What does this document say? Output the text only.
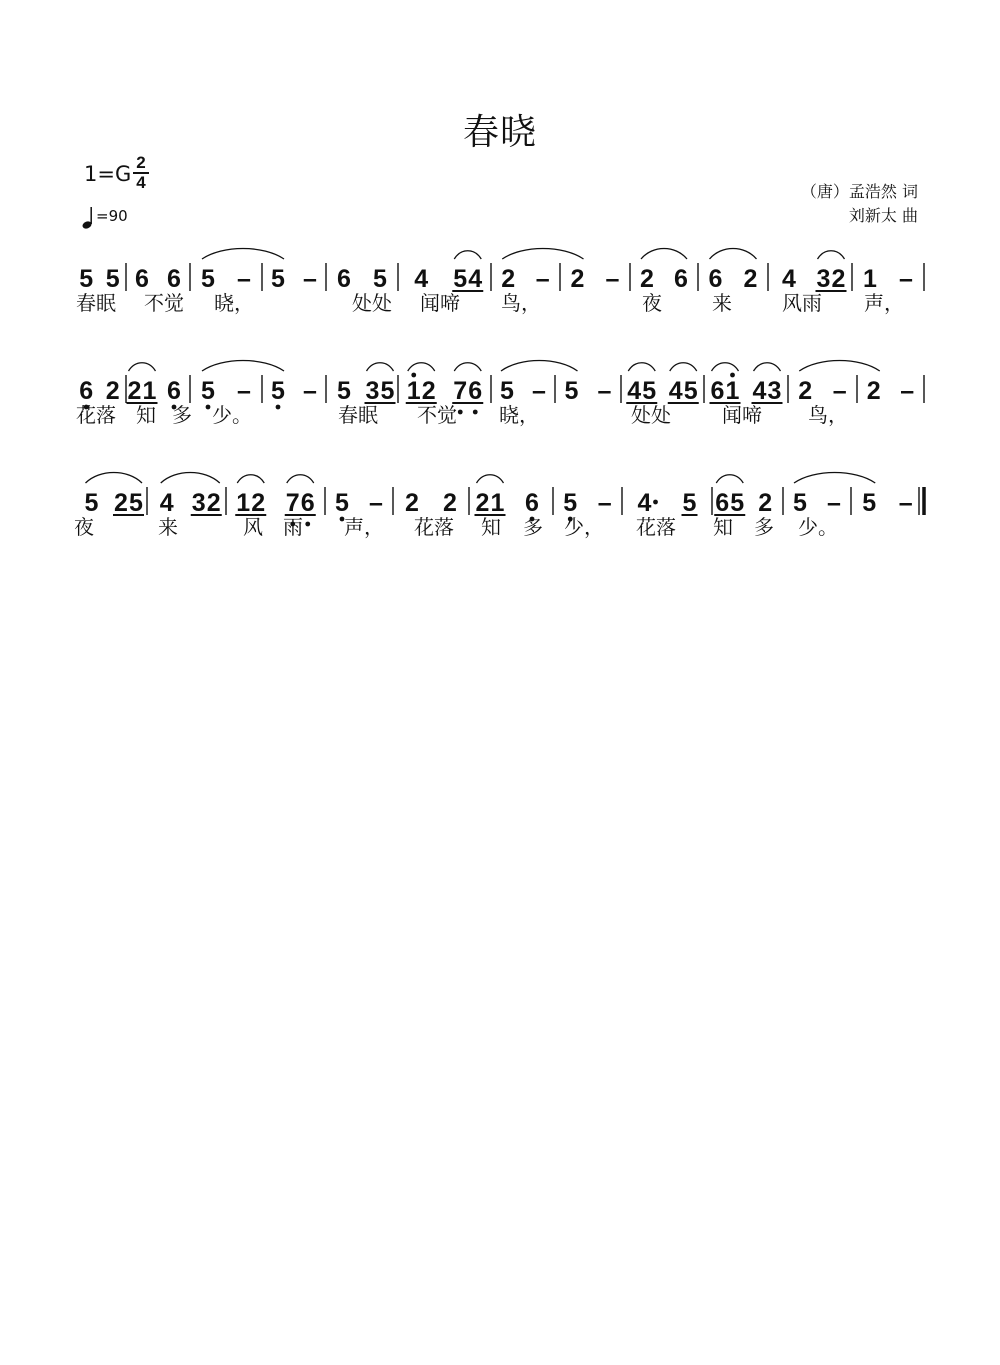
春晓
1=G 2
4
=90
（唐）孟浩然 词
刘新太 曲
5 5 6 6 5 – 5 – 6 5 4 5 4 2 – 2 – 2 6 6 2 4 3 2 1 –
春眠 不觉 晓，	处处 闻啼 鸟，	夜	来	风雨 声，
6 2 2 1 6 5 – 5 – 5 3 5 1 2 7 6 5 – 5 – 4 5 4 5 6 1 4 3 2 – 2 –
花落 知 多 少。	春眠 不觉 晓，	处处	闻啼 鸟，
5 2 5 4 3 2 1 2 7 6 5 – 2 2 2 1 6 5 – 4 5 6 5 2 5 – 5 –
夜	来	风 雨 声， 花落 知 多 少， 花落 知 多 少。
